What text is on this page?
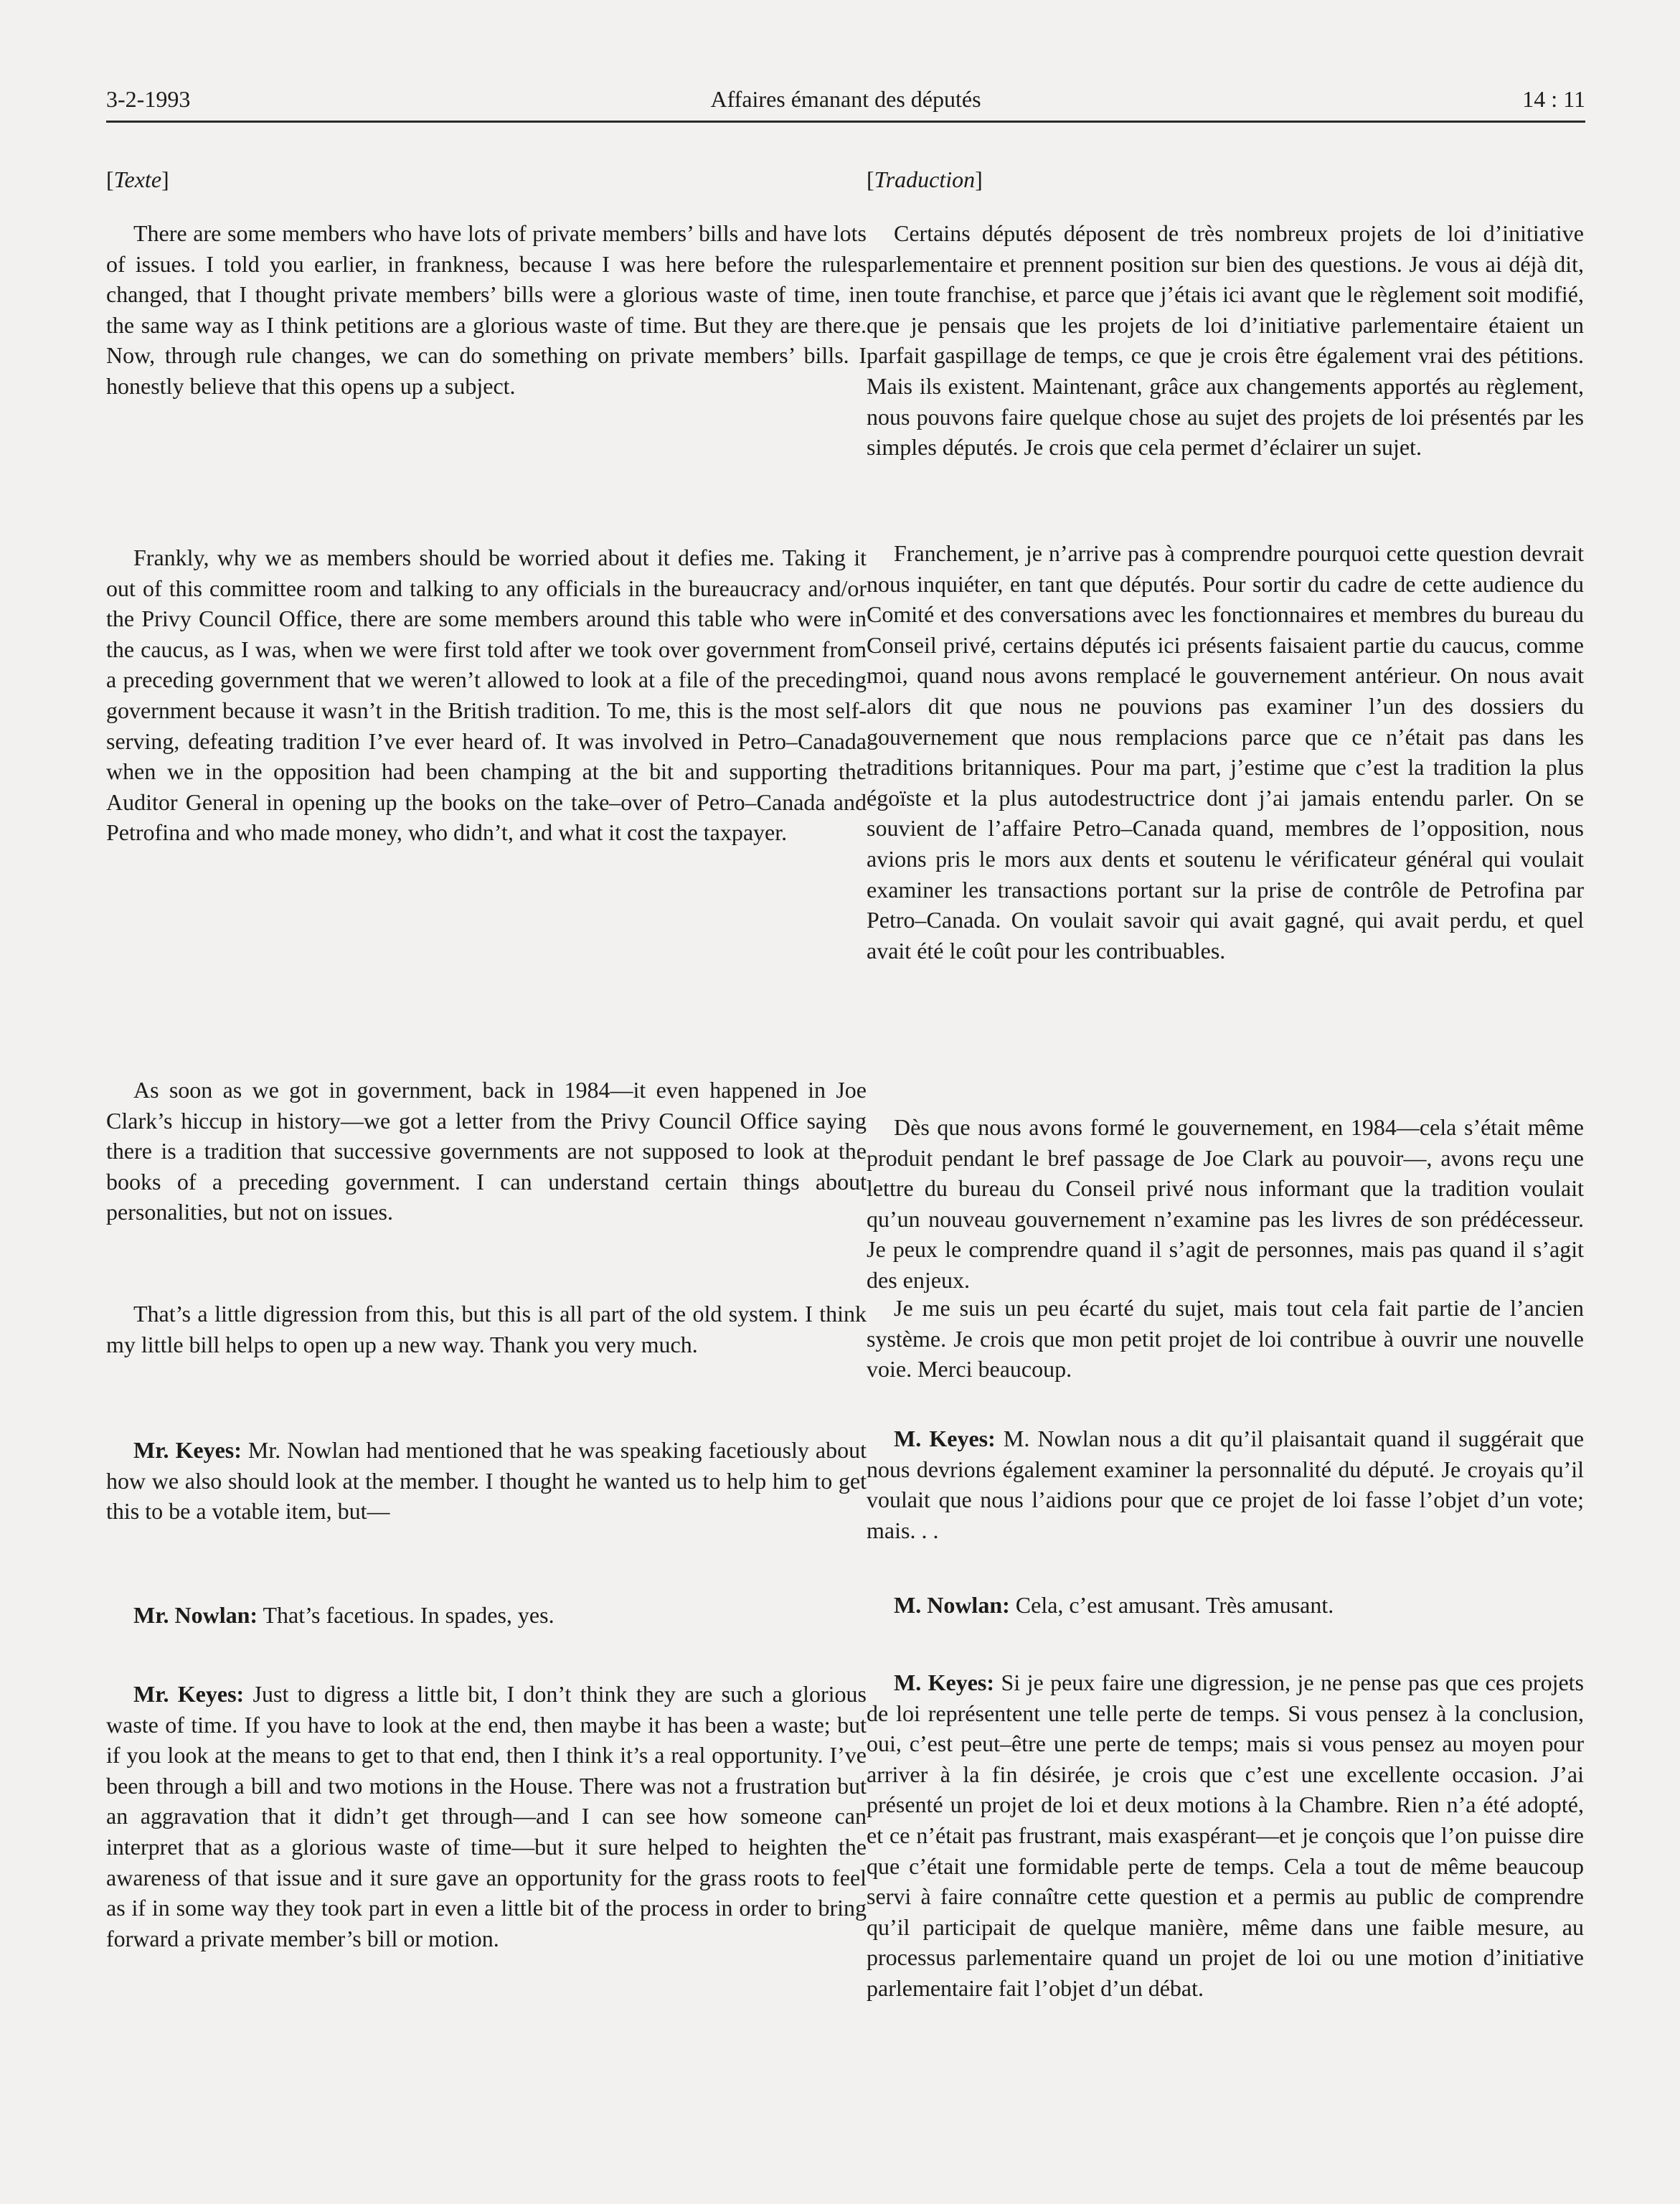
3-2-1993	Affaires émanant des députés	14 : 11
[Texte]

There are some members who have lots of private members’ bills and have lots of issues. I told you earlier, in frankness, because I was here before the rules changed, that I thought private members’ bills were a glorious waste of time, in the same way as I think petitions are a glorious waste of time. But they are there. Now, through rule changes, we can do something on private members’ bills. I honestly believe that this opens up a subject.

Frankly, why we as members should be worried about it defies me. Taking it out of this committee room and talking to any officials in the bureaucracy and/or the Privy Council Office, there are some members around this table who were in the caucus, as I was, when we were first told after we took over government from a preceding government that we weren’t allowed to look at a file of the preceding government because it wasn’t in the British tradition. To me, this is the most self-serving, defeating tradition I’ve ever heard of. It was involved in Petro–Canada when we in the opposition had been champing at the bit and supporting the Auditor General in opening up the books on the take–over of Petro–Canada and Petrofina and who made money, who didn’t, and what it cost the taxpayer.

As soon as we got in government, back in 1984—it even happened in Joe Clark’s hiccup in history—we got a letter from the Privy Council Office saying there is a tradition that successive governments are not supposed to look at the books of a preceding government. I can understand certain things about personalities, but not on issues.

That’s a little digression from this, but this is all part of the old system. I think my little bill helps to open up a new way. Thank you very much.

Mr. Keyes: Mr. Nowlan had mentioned that he was speaking facetiously about how we also should look at the member. I thought he wanted us to help him to get this to be a votable item, but—

Mr. Nowlan: That’s facetious. In spades, yes.

Mr. Keyes: Just to digress a little bit, I don’t think they are such a glorious waste of time. If you have to look at the end, then maybe it has been a waste; but if you look at the means to get to that end, then I think it’s a real opportunity. I’ve been through a bill and two motions in the House. There was not a frustration but an aggravation that it didn’t get through—and I can see how someone can interpret that as a glorious waste of time—but it sure helped to heighten the awareness of that issue and it sure gave an opportunity for the grass roots to feel as if in some way they took part in even a little bit of the process in order to bring forward a private member’s bill or motion.

[Traduction]

Certains députés déposent de très nombreux projets de loi d’initiative parlementaire et prennent position sur bien des questions. Je vous ai déjà dit, en toute franchise, et parce que j’étais ici avant que le règlement soit modifié, que je pensais que les projets de loi d’initiative parlementaire étaient un parfait gaspillage de temps, ce que je crois être également vrai des pétitions. Mais ils existent. Maintenant, grâce aux changements apportés au règlement, nous pouvons faire quelque chose au sujet des projets de loi présentés par les simples députés. Je crois que cela permet d’éclairer un sujet.

Franchement, je n’arrive pas à comprendre pourquoi cette question devrait nous inquiéter, en tant que députés. Pour sortir du cadre de cette audience du Comité et des conversations avec les fonctionnaires et membres du bureau du Conseil privé, certains députés ici présents faisaient partie du caucus, comme moi, quand nous avons remplacé le gouvernement antérieur. On nous avait alors dit que nous ne pouvions pas examiner l’un des dossiers du gouvernement que nous remplacions parce que ce n’était pas dans les traditions britanniques. Pour ma part, j’estime que c’est la tradition la plus égoïste et la plus autodestructrice dont j’ai jamais entendu parler. On se souvient de l’affaire Petro–Canada quand, membres de l’opposition, nous avions pris le mors aux dents et soutenu le vérificateur général qui voulait examiner les transactions portant sur la prise de contrôle de Petrofina par Petro–Canada. On voulait savoir qui avait gagné, qui avait perdu, et quel avait été le coût pour les contribuables.

Dès que nous avons formé le gouvernement, en 1984—cela s’était même produit pendant le bref passage de Joe Clark au pouvoir—, avons reçu une lettre du bureau du Conseil privé nous informant que la tradition voulait qu’un nouveau gouvernement n’examine pas les livres de son prédécesseur. Je peux le comprendre quand il s’agit de personnes, mais pas quand il s’agit des enjeux.

Je me suis un peu écarté du sujet, mais tout cela fait partie de l’ancien système. Je crois que mon petit projet de loi contribue à ouvrir une nouvelle voie. Merci beaucoup.

M. Keyes: M. Nowlan nous a dit qu’il plaisantait quand il suggérait que nous devrions également examiner la personnalité du député. Je croyais qu’il voulait que nous l’aidions pour que ce projet de loi fasse l’objet d’un vote; mais. . .

M. Nowlan: Cela, c’est amusant. Très amusant.

M. Keyes: Si je peux faire une digression, je ne pense pas que ces projets de loi représentent une telle perte de temps. Si vous pensez à la conclusion, oui, c’est peut–être une perte de temps; mais si vous pensez au moyen pour arriver à la fin désirée, je crois que c’est une excellente occasion. J’ai présenté un projet de loi et deux motions à la Chambre. Rien n’a été adopté, et ce n’était pas frustrant, mais exaspérant—et je conçois que l’on puisse dire que c’était une formidable perte de temps. Cela a tout de même beaucoup servi à faire connaître cette question et a permis au public de comprendre qu’il participait de quelque manière, même dans une faible mesure, au processus parlementaire quand un projet de loi ou une motion d’initiative parlementaire fait l’objet d’un débat.
